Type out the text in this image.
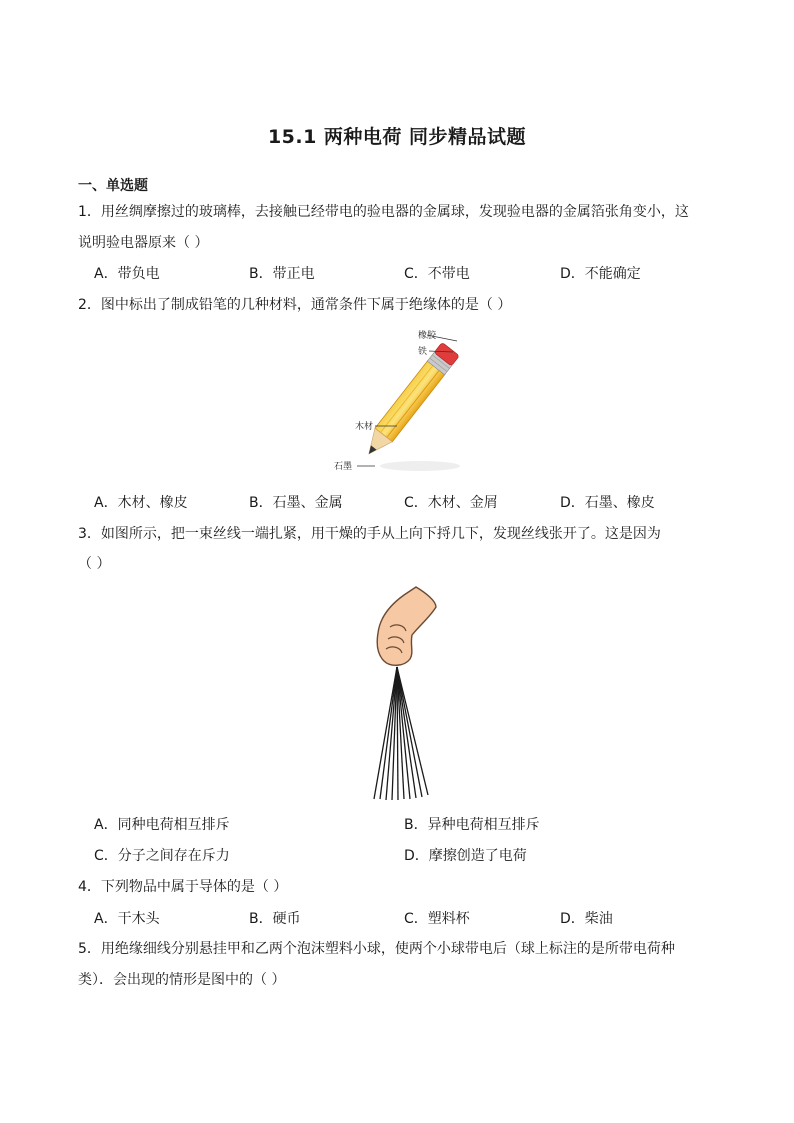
15.1 两种电荷 同步精品试题
一、单选题
1．用丝绸摩擦过的玻璃棒，去接触已经带电的验电器的金属球，发现验电器的金属箔张角变小，这
说明验电器原来（ ）
A．带负电	B．带正电	C．不带电	D．不能确定
2．图中标出了制成铅笔的几种材料，通常条件下属于绝缘体的是（ ）
橡胶
铁
木材
石墨
A．木材、橡皮	B．石墨、金属	C．木材、金屑	D．石墨、橡皮
3．如图所示，把一束丝线一端扎紧，用干燥的手从上向下捋几下，发现丝线张开了。这是因为
（ ）
A．同种电荷相互排斥	B．异种电荷相互排斥
C．分子之间存在斥力	D．摩擦创造了电荷
4．下列物品中属于导体的是（ ）
A．干木头	B．硬币	C．塑料杯	D．柴油
5．用绝缘细线分别悬挂甲和乙两个泡沫塑料小球，使两个小球带电后（球上标注的是所带电荷种
类）．会出现的情形是图中的（ ）
